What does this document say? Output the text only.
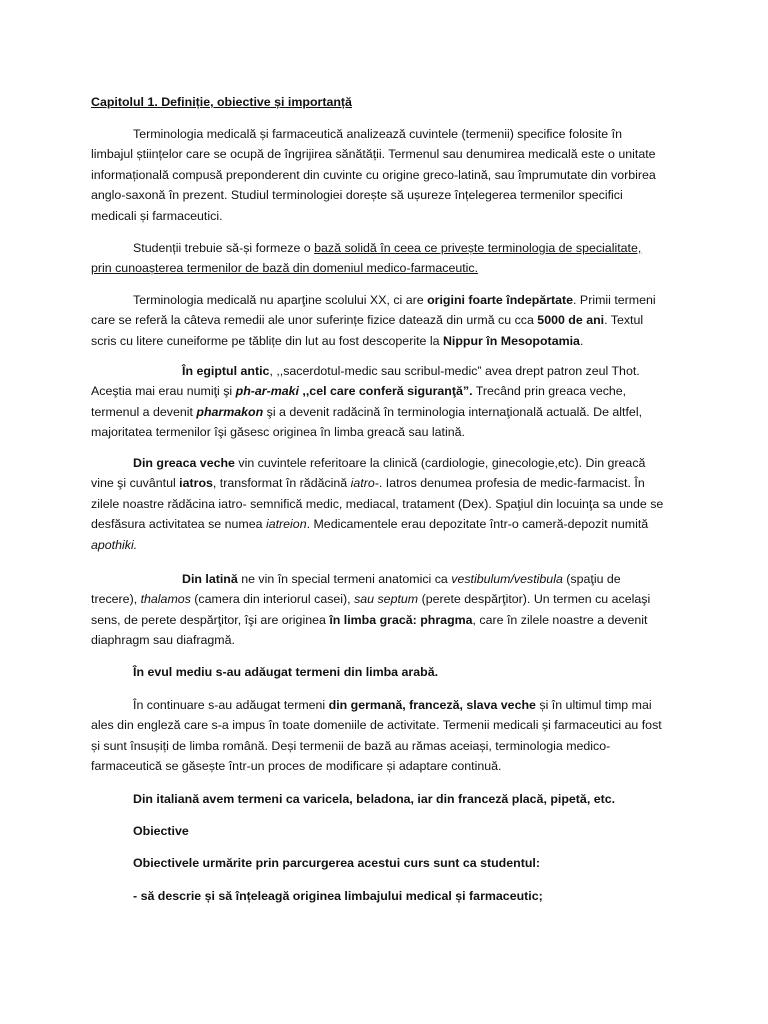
Capitolul 1. Definiție, obiective și importanță

Terminologia medicală și farmaceutică analizează cuvintele (termenii) specifice folosite în
limbajul științelor care se ocupă de îngrijirea sănătății. Termenul sau denumirea medicală este o unitate
informațională compusă preponderent din cuvinte cu origine greco-latină, sau împrumutate din vorbirea
anglo-saxonă în prezent. Studiul terminologiei dorește să ușureze înțelegerea termenilor specifici
medicali și farmaceutici.
Studenții trebuie să-și formeze o bază solidă în ceea ce privește terminologia de specialitate,
prin cunoașterea termenilor de bază din domeniul medico-farmaceutic.
Terminologia medicală nu aparţine scolului XX, ci are origini foarte îndepărtate. Primii termeni
care se referă la câteva remedii ale unor suferințe fizice datează din urmă cu cca 5000 de ani. Textul
scris cu litere cuneiforme pe tăblițe din lut au fost descoperite la Nippur în Mesopotamia.
În egiptul antic, ,,sacerdotul-medic sau scribul-medic” avea drept patron zeul Thot.
Aceştia mai erau numiţi şi ph-ar-maki ,,cel care conferă siguranţă”. Trecând prin greaca veche,
termenul a devenit pharmakon şi a devenit radăcină în terminologia internaţională actuală. De altfel,
majoritatea termenilor îşi găsesc originea în limba greacă sau latină.
Din greaca veche vin cuvintele referitoare la clinică (cardiologie, ginecologie,etc). Din greacă
vine şi cuvântul iatros, transformat în rădăcină iatro-. Iatros denumea profesia de medic-farmacist. În
zilele noastre rădăcina iatro- semnifică medic, mediacal, tratament (Dex). Spaţiul din locuinţa sa unde se
desfăsura activitatea se numea iatreion. Medicamentele erau depozitate într-o cameră-depozit numită
apothiki.
Din latină ne vin în special termeni anatomici ca vestibulum/vestibula (spaţiu de
trecere), thalamos (camera din interiorul casei), sau septum (perete despărţitor). Un termen cu acelaşi
sens, de perete despărţitor, îşi are originea în limba gracă: phragma, care în zilele noastre a devenit
diaphragm sau diafragmă.

În evul mediu s-au adăugat termeni din limba arabă.

În continuare s-au adăugat termeni din germană, franceză, slava veche și în ultimul timp mai
ales din engleză care s-a impus în toate domeniile de activitate. Termenii medicali și farmaceutici au fost
și sunt însușiți de limba română. Deși termenii de bază au rămas aceiași, terminologia medico-
farmaceutică se găsește într-un proces de modificare și adaptare continuă.

Din italiană avem termeni ca varicela, beladona, iar din franceză placă, pipetă, etc.

Obiective

Obiectivele urmărite prin parcurgerea acestui curs sunt ca studentul:

- să descrie și să înțeleagă originea limbajului medical și farmaceutic;
